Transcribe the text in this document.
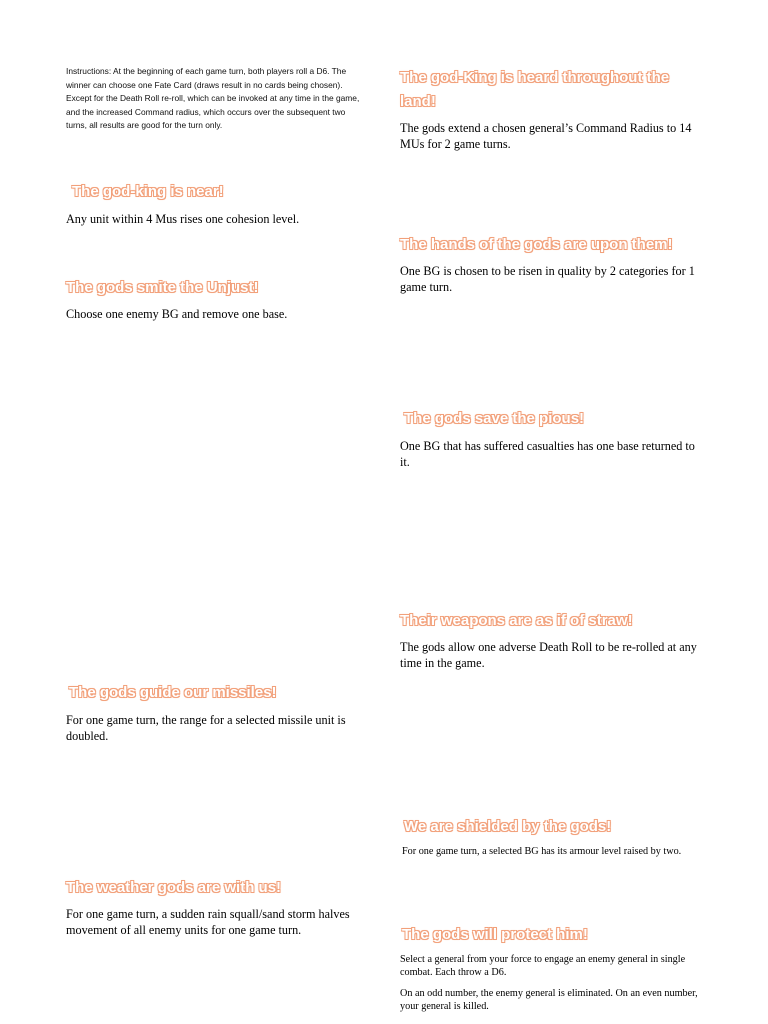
Instructions: At the beginning of each game turn, both players roll a D6. The winner can choose one Fate Card (draws result in no cards being chosen). Except for the Death Roll re-roll, which can be invoked at any time in the game, and the increased Command radius, which occurs over the subsequent two turns, all results are good for the turn only.
The god-King is heard throughout the land!
The gods extend a chosen general’s Command Radius to 14 MUs for 2 game turns.
The god-king is near!
Any unit within 4 Mus rises one cohesion level.
The hands of the gods are upon them!
One BG is chosen to be risen in quality by 2 categories for 1 game turn.
The gods smite the Unjust!
Choose one enemy BG and remove one base.
The gods save the pious!
One BG that has suffered casualties has one base returned to it.
Their weapons are as if of straw!
The gods allow one adverse Death Roll to be re-rolled at any time in the game.
The gods guide our missiles!
For one game turn, the range for a selected missile unit is doubled.
We are shielded by the gods!
For one game turn, a selected BG has its armour level raised by two.
The weather gods are with us!
For one game turn, a sudden rain squall/sand storm halves movement of all enemy units for one game turn.	The gods will protect him!

Select a general from your force to engage an enemy general in single combat. Each throw a D6.

On an odd number, the enemy general is eliminated. On an even number, your general is killed.
